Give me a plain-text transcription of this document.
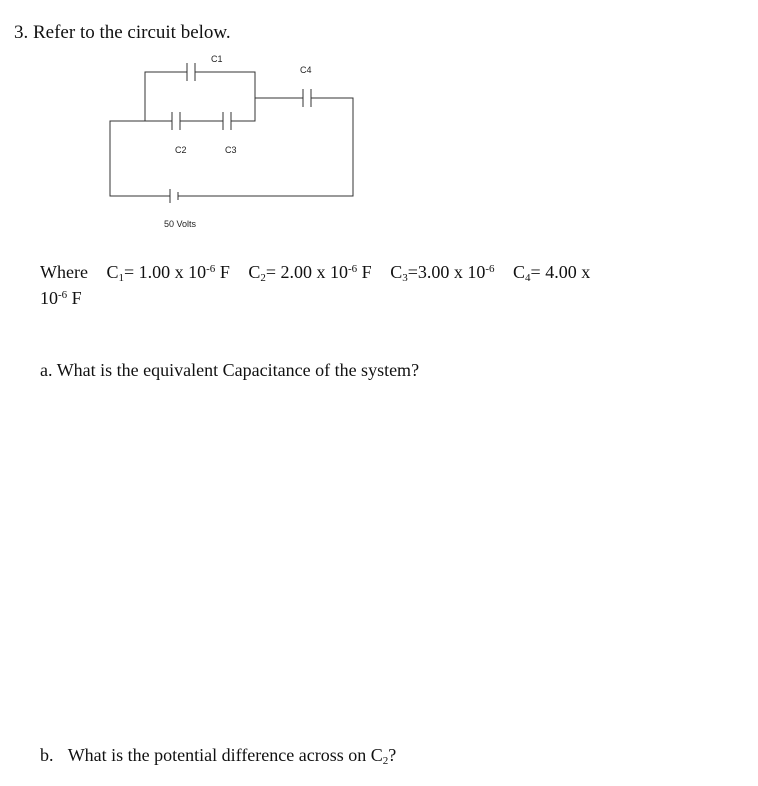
3. Refer to the circuit below.
C1
C4
C2	C3
50 Volts
Where $C_1= 1.00$ x $10^{-6}$ F $C_2= 2.00$ x $10^{-6}$ F $C_3=3.00$ x $10^{-6}$ $C_4= 4.00$ x
$10^{-6}$ F
a. What is the equivalent Capacitance of the system?
b. What is the potential difference across on $C_2$?
